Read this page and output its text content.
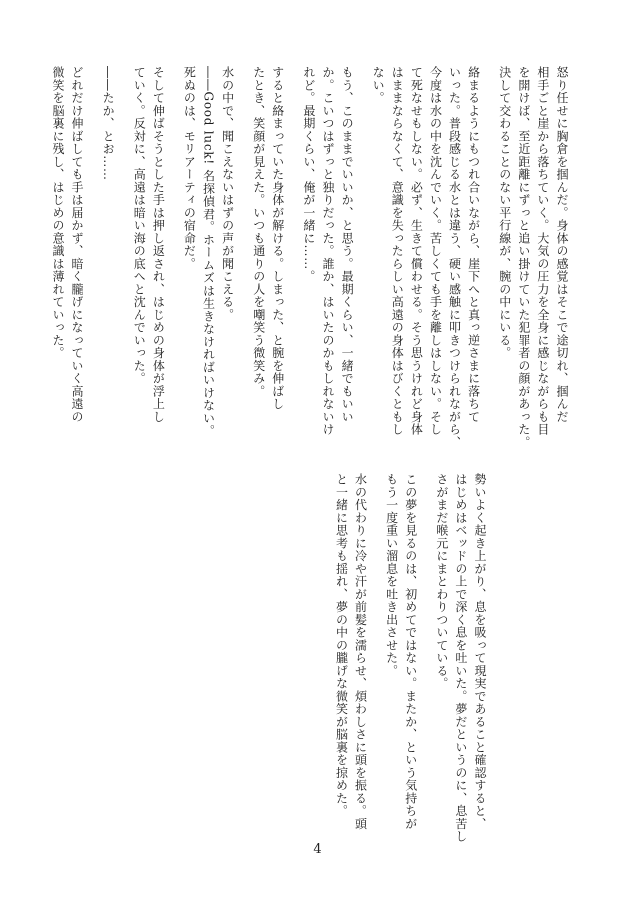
怒り任せに胸倉を掴んだ。身体の感覚はそこで途切れ、掴んだ

相手ごと崖から落ちていく。大気の圧力を全身に感じながらも目

を開けば、至近距離にずっと追い掛けていた犯罪者の顔があった。

決して交わることのない平行線が、腕の中にいる。

絡まるようにもつれ合いながら、崖下へと真っ逆さまに落ちて

いった。普段感じる水とは違う、硬い感触に叩きつけられながら、

今度は水の中を沈んでいく。苦しくても手を離しはしない。そし

て死なせもしない。必ず、生きて償わせる。そう思うけれど身体

はままならなくて、意識を失ったらしい高遠の身体はびくともし

ない。

もう、このままでいいか、と思う。最期くらい、一緒でもいい

か。こいつはずっと独りだった。誰か、はいたのかもしれないけ

れど。最期くらい、俺が一緒に……。

すると絡まっていた身体が解ける。しまった、と腕を伸ばし

たとき、笑顔が見えた。いつも通りの人を嘲笑う微笑み。

水の中で、聞こえないはずの声が聞こえる。

――Good luck! 名探偵君。ホームズは生きなければいけない。

死ぬのは、モリアーティの宿命だ。

そして伸ばそうとした手は押し返され、はじめの身体が浮上し

ていく。反対に、高遠は暗い海の底へと沈んでいった。

――たか、とお……

どれだけ伸ばしても手は届かず、暗く朧げになっていく高遠の

微笑を脳裏に残し、はじめの意識は薄れていった。

勢いよく起き上がり、息を吸って現実であること確認すると、

はじめはベッドの上で深く息を吐いた。夢だというのに、息苦し

さがまだ喉元にまとわりついている。

この夢を見るのは、初めてではない。またか、という気持ちが

もう一度重い溜息を吐き出させた。

水の代わりに冷や汗が前髪を濡らせ、煩わしさに頭を振る。頭

と一緒に思考も揺れ、夢の中の朧げな微笑が脳裏を掠めた。

4
